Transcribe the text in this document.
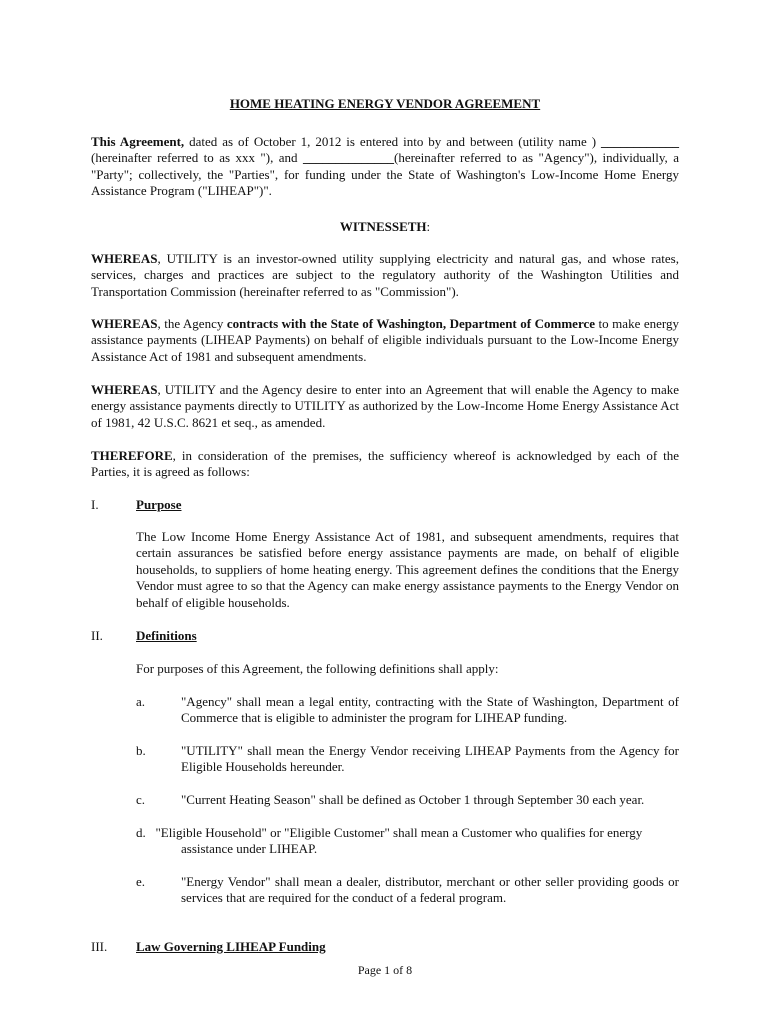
HOME HEATING ENERGY VENDOR AGREEMENT
This Agreement, dated as of October 1, 2012 is entered into by and between (utility name ) ____________ (hereinafter referred to as xxx "), and ______________(hereinafter referred to as "Agency"), individually, a "Party"; collectively, the "Parties", for funding under the State of Washington's Low-Income Home Energy Assistance Program ("LIHEAP")".
WITNESSETH:
WHEREAS, UTILITY is an investor-owned utility supplying electricity and natural gas, and whose rates, services, charges and practices are subject to the regulatory authority of the Washington Utilities and Transportation Commission (hereinafter referred to as "Commission").
WHEREAS, the Agency contracts with the State of Washington, Department of Commerce to make energy assistance payments (LIHEAP Payments) on behalf of eligible individuals pursuant to the Low-Income Energy Assistance Act of 1981 and subsequent amendments.
WHEREAS, UTILITY and the Agency desire to enter into an Agreement that will enable the Agency to make energy assistance payments directly to UTILITY as authorized by the Low-Income Home Energy Assistance Act of 1981, 42 U.S.C. 8621 et seq., as amended.
THEREFORE, in consideration of the premises, the sufficiency whereof is acknowledged by each of the Parties, it is agreed as follows:
I.	Purpose
The Low Income Home Energy Assistance Act of 1981, and subsequent amendments, requires that certain assurances be satisfied before energy assistance payments are made, on behalf of eligible households, to suppliers of home heating energy. This agreement defines the conditions that the Energy Vendor must agree to so that the Agency can make energy assistance payments to the Energy Vendor on behalf of eligible households.
II.	Definitions
For purposes of this Agreement, the following definitions shall apply:
a.	"Agency" shall mean a legal entity, contracting with the State of Washington, Department of Commerce that is eligible to administer the program for LIHEAP funding.
b.	"UTILITY" shall mean the Energy Vendor receiving LIHEAP Payments from the Agency for Eligible Households hereunder.
c.	"Current Heating Season" shall be defined as October 1 through September 30 each year.
d.   "Eligible Household" or "Eligible Customer" shall mean a Customer who qualifies for energy
assistance under LIHEAP.
e.	"Energy Vendor" shall mean a dealer, distributor, merchant or other seller providing goods or services that are required for the conduct of a federal program.
III. Law Governing LIHEAP Funding
Page 1 of 8
